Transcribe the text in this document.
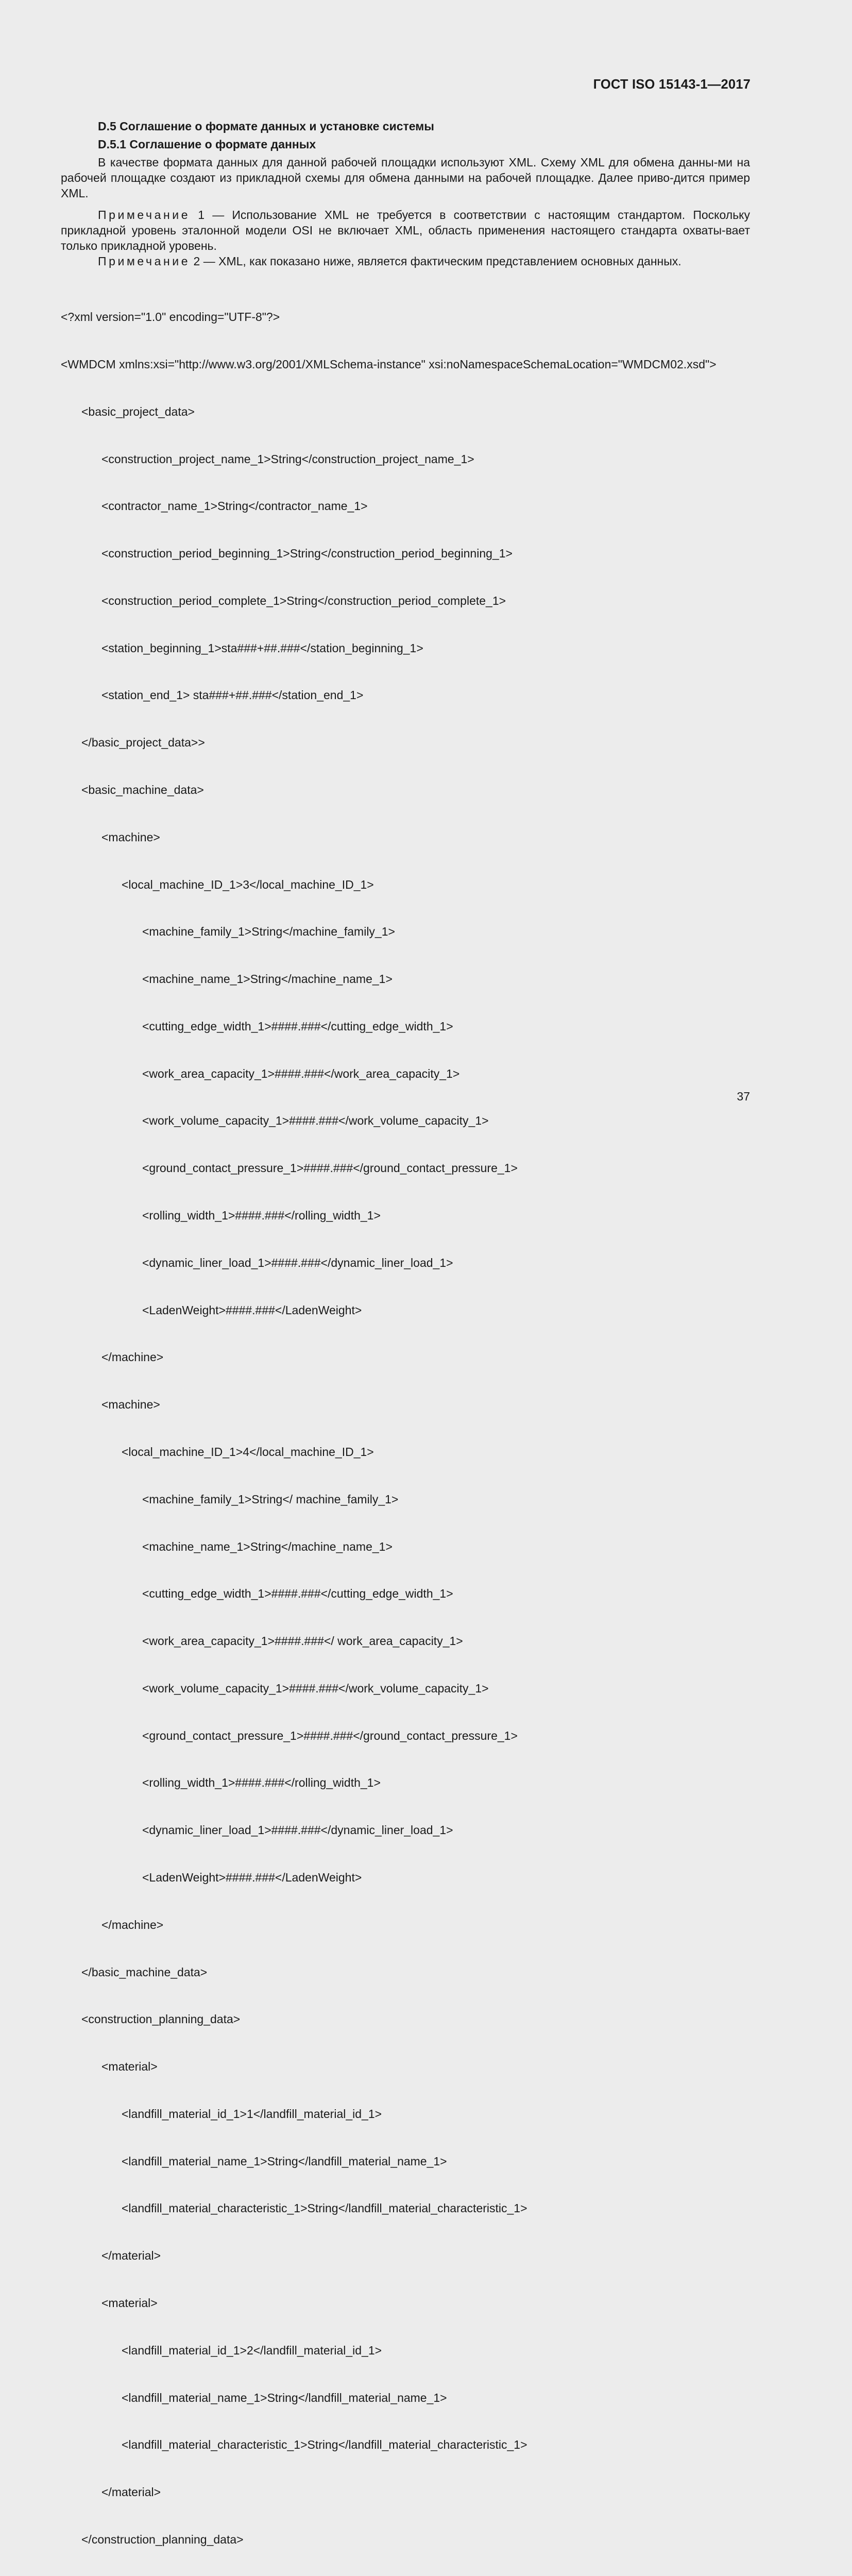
ГОСТ ISO 15143-1—2017
D.5 Соглашение о формате данных и установке системы
D.5.1 Соглашение о формате данных

В качестве формата данных для данной рабочей площадки используют XML. Схему XML для обмена данны-ми на рабочей площадке создают из прикладной схемы для обмена данными на рабочей площадке. Далее приво-дится пример XML.

Примечание 1 — Использование XML не требуется в соответствии с настоящим стандартом. Поскольку прикладной уровень эталонной модели OSI не включает XML, область применения настоящего стандарта охваты-вает только прикладной уровень.

Примечание 2 — XML, как показано ниже, является фактическим представлением основных данных.

<?xml version="1.0" encoding="UTF-8"?>

<WMDCM xmlns:xsi="http://www.w3.org/2001/XMLSchema-instance" xsi:noNamespaceSchemaLocation="WMDCM02.xsd">

<basic_project_data>

<construction_project_name_1>String</construction_project_name_1>

<contractor_name_1>String</contractor_name_1>

<construction_period_beginning_1>String</construction_period_beginning_1>

<construction_period_complete_1>String</construction_period_complete_1>

<station_beginning_1>sta###+##.###</station_beginning_1>

<station_end_1> sta###+##.###</station_end_1>

</basic_project_data>>

<basic_machine_data>

<machine>

<local_machine_ID_1>3</local_machine_ID_1>

<machine_family_1>String</machine_family_1>

<machine_name_1>String</machine_name_1>

<cutting_edge_width_1>####.###</cutting_edge_width_1>

<work_area_capacity_1>####.###</work_area_capacity_1>

<work_volume_capacity_1>####.###</work_volume_capacity_1>

<ground_contact_pressure_1>####.###</ground_contact_pressure_1>

<rolling_width_1>####.###</rolling_width_1>

<dynamic_liner_load_1>####.###</dynamic_liner_load_1>

<LadenWeight>####.###</LadenWeight>

</machine>

<machine>

<local_machine_ID_1>4</local_machine_ID_1>

<machine_family_1>String</ machine_family_1>

<machine_name_1>String</machine_name_1>

<cutting_edge_width_1>####.###</cutting_edge_width_1>

<work_area_capacity_1>####.###</ work_area_capacity_1>

<work_volume_capacity_1>####.###</work_volume_capacity_1>

<ground_contact_pressure_1>####.###</ground_contact_pressure_1>

<rolling_width_1>####.###</rolling_width_1>

<dynamic_liner_load_1>####.###</dynamic_liner_load_1>

<LadenWeight>####.###</LadenWeight>

</machine>

</basic_machine_data>

<construction_planning_data>

<material>

<landfill_material_id_1>1</landfill_material_id_1>

<landfill_material_name_1>String</landfill_material_name_1>

<landfill_material_characteristic_1>String</landfill_material_characteristic_1>

</material>

<material>

<landfill_material_id_1>2</landfill_material_id_1>

<landfill_material_name_1>String</landfill_material_name_1>

<landfill_material_characteristic_1>String</landfill_material_characteristic_1>

</material>

</construction_planning_data>

37
